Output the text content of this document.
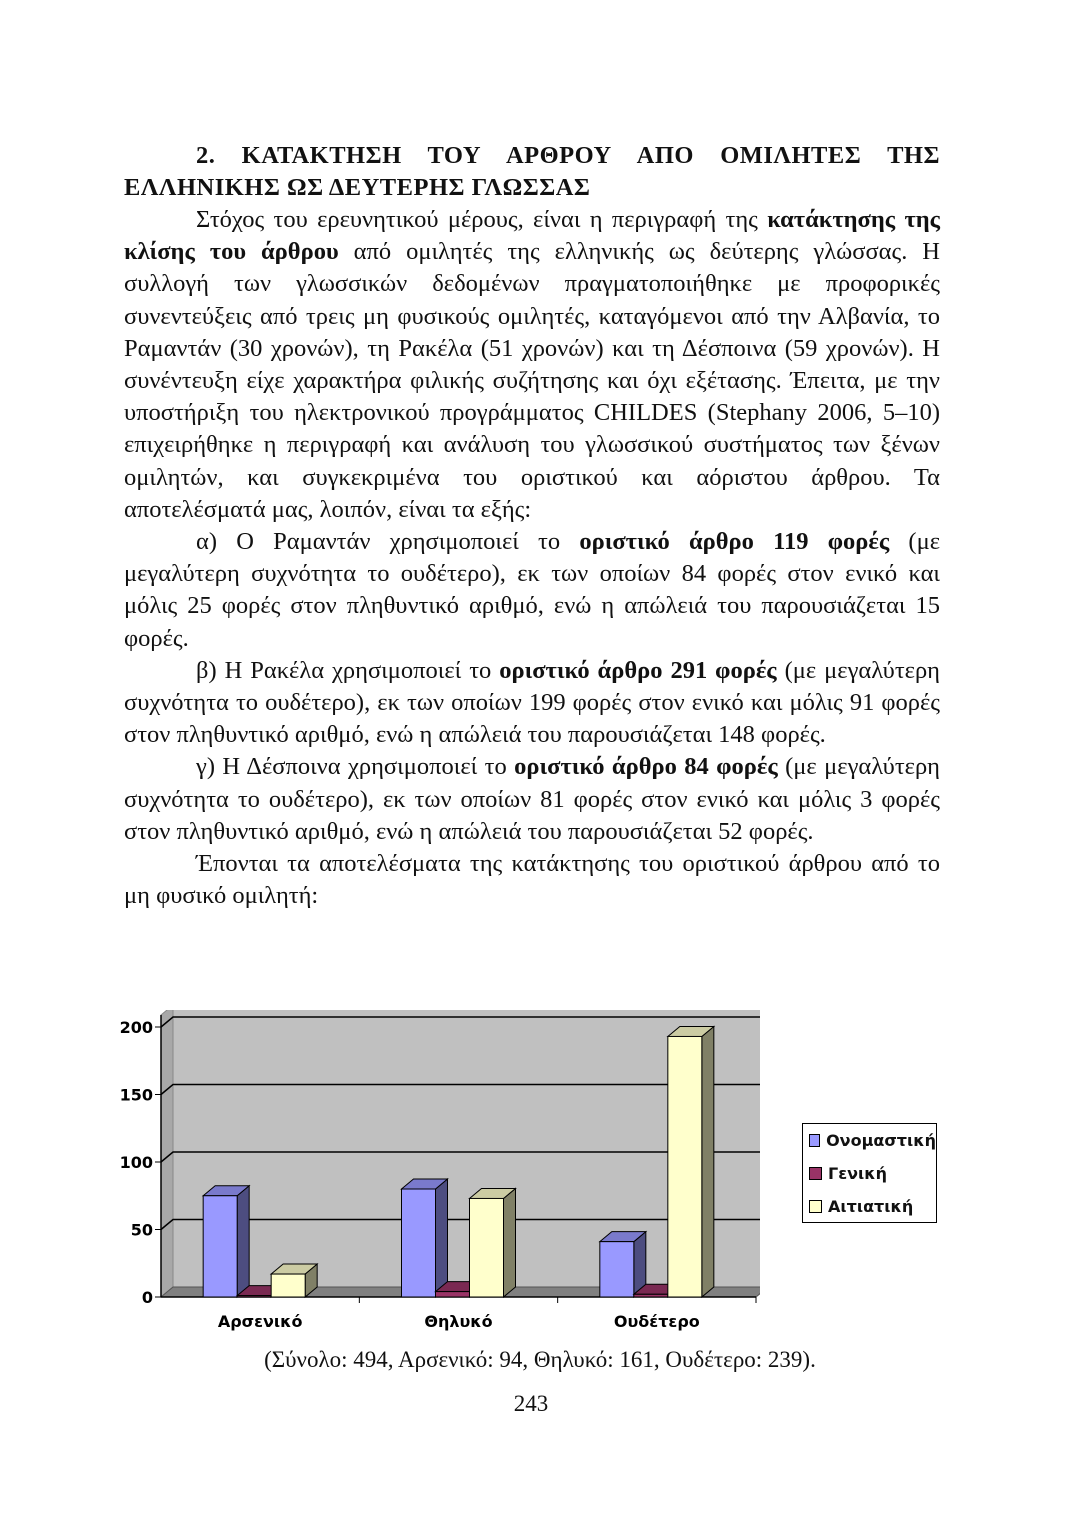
2. ΚΑΤΑΚΤΗΣΗ ΤΟΥ ΑΡΘΡΟΥ ΑΠΟ ΟΜΙΛΗΤΕΣ ΤΗΣ ΕΛΛΗΝΙΚΗΣ ΩΣ ΔΕΥΤΕΡΗΣ ΓΛΩΣΣΑΣ

Στόχος του ερευνητικού μέρους, είναι η περιγραφή της κατάκτησης της κλίσης του άρθρου από ομιλητές της ελληνικής ως δεύτερης γλώσσας. Η συλλογή των γλωσσικών δεδομένων πραγματοποιήθηκε με προφορικές συνεντεύξεις από τρεις μη φυσικούς ομιλητές, καταγόμενοι από την Αλβανία, το Ραμαντάν (30 χρονών), τη Ρακέλα (51 χρονών) και τη Δέσποινα (59 χρονών). Η συνέντευξη είχε χαρακτήρα φιλικής συζήτησης και όχι εξέτασης. Έπειτα, με την υποστήριξη του ηλεκτρονικού προγράμματος CHILDES (Stephany 2006, 5–10) επιχειρήθηκε η περιγραφή και ανάλυση του γλωσσικού συστήματος των ξένων ομιλητών, και συγκεκριμένα του οριστικού και αόριστου άρθρου. Τα αποτελέσματά μας, λοιπόν, είναι τα εξής:

α) Ο Ραμαντάν χρησιμοποιεί το οριστικό άρθρο 119 φορές (με μεγαλύτερη συχνότητα το ουδέτερο), εκ των οποίων 84 φορές στον ενικό και μόλις 25 φορές στον πληθυντικό αριθμό, ενώ η απώλειά του παρουσιάζεται 15 φορές.

β) Η Ρακέλα χρησιμοποιεί το οριστικό άρθρο 291 φορές (με μεγαλύτερη συχνότητα το ουδέτερο), εκ των οποίων 199 φορές στον ενικό και μόλις 91 φορές στον πληθυντικό αριθμό, ενώ η απώλειά του παρουσιάζεται 148 φορές.

γ) Η Δέσποινα χρησιμοποιεί το οριστικό άρθρο 84 φορές (με μεγαλύτερη συχνότητα το ουδέτερο), εκ των οποίων 81 φορές στον ενικό και μόλις 3 φορές στον πληθυντικό αριθμό, ενώ η απώλειά του παρουσιάζεται 52 φορές.

Έπονται τα αποτελέσματα της κατάκτησης του οριστικού άρθρου από το μη φυσικό ομιλητή:

0
50
100
150
200
Αρσενικό	Θηλυκό	Ουδέτερο
Ονομαστική
Γενική
Αιτιατική
(Σύνολο: 494, Αρσενικό: 94, Θηλυκό: 161, Ουδέτερο: 239).
243
